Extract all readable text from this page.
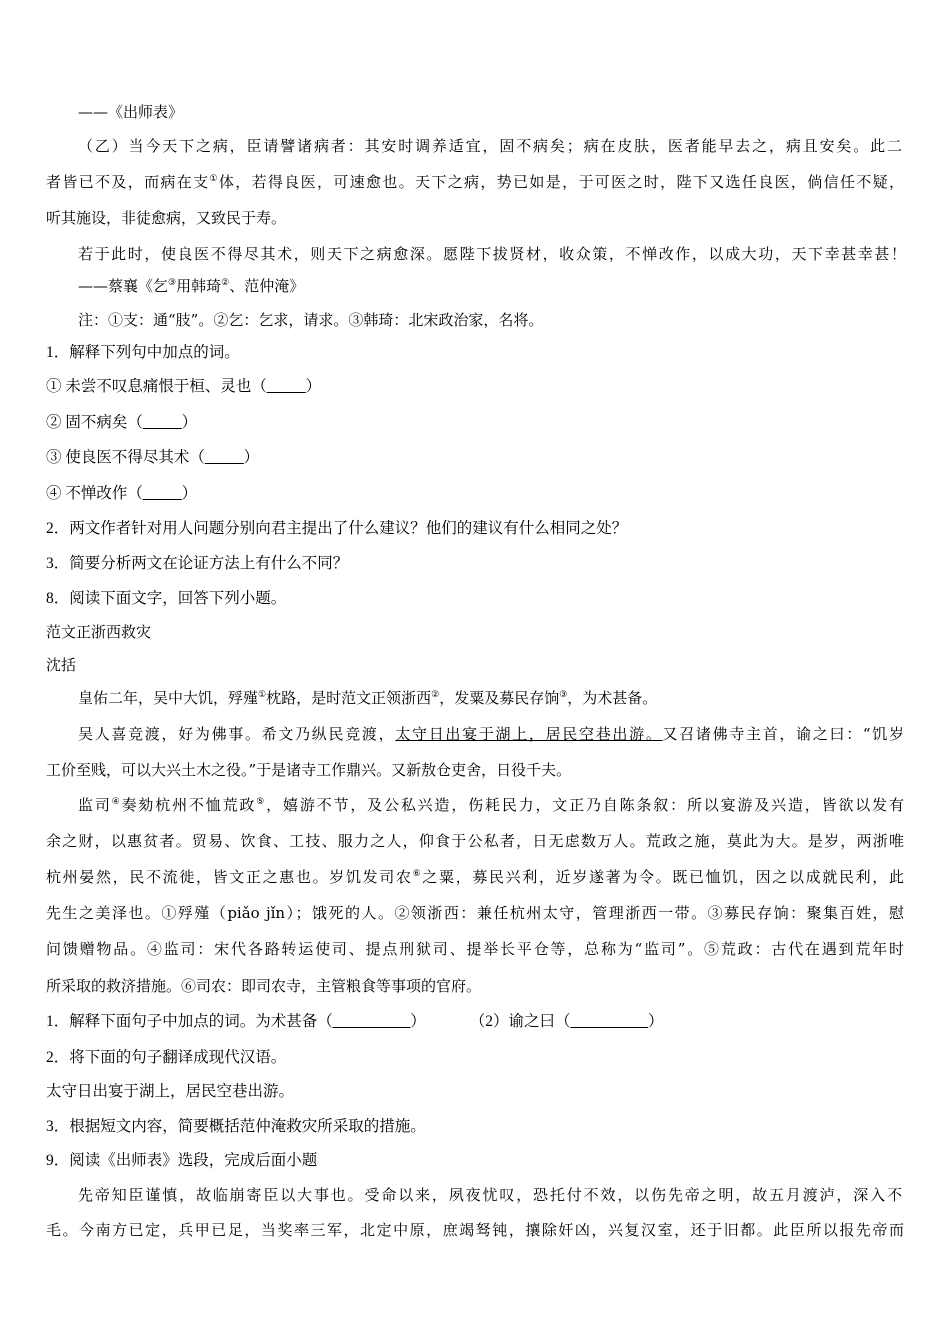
——《出师表》
（乙）当今天下之病，臣请譬诸病者：其安时调养适宜，固不病矣；病在皮肤，医者能早去之，病且安矣。此二
者皆已不及，而病在支①体，若得良医，可速愈也。天下之病，势已如是，于可医之时，陛下又选任良医，倘信任不疑，
听其施设，非徒愈病，又致民于寿。
若于此时，使良医不得尽其术，则天下之病愈深。愿陛下拔贤材，收众策，不惮改作，以成大功，天下幸甚幸甚！
——蔡襄《乞③用韩琦②、范仲淹》
注：①支：通“肢”。②乞：乞求，请求。③韩琦：北宋政治家，名将。
1．解释下列句中加点的词。
① 未尝不叹息痛恨于桓、灵也（_____）
② 固不病矣（_____）
③ 使良医不得尽其术（_____）
④ 不惮改作（_____）
2．两文作者针对用人问题分别向君主提出了什么建议？他们的建议有什么相同之处？
3．简要分析两文在论证方法上有什么不同？
8．阅读下面文字，回答下列小题。
范文正浙西救灾
沈括
皇佑二年，吴中大饥，殍殣①枕路，是时范文正领浙西②，发粟及募民存饷③，为术甚备。
吴人喜竞渡，好为佛事。希文乃纵民竞渡，太守日出宴于湖上，居民空巷出游。又召诸佛寺主首，谕之曰：“饥岁
工价至贱，可以大兴土木之役。”于是诸寺工作鼎兴。又新敖仓吏舍，日役千夫。
监司④奏劾杭州不恤荒政⑤，嬉游不节，及公私兴造，伤耗民力，文正乃自陈条叙：所以宴游及兴造，皆欲以发有
余之财，以惠贫者。贸易、饮食、工技、服力之人，仰食于公私者，日无虑数万人。荒政之施，莫此为大。是岁，两浙唯
杭州晏然，民不流徙，皆文正之惠也。岁饥发司农⑥之粟，募民兴利，近岁遂著为令。既已恤饥，因之以成就民利，此
先生之美泽也。①殍殣（piǎo jǐn）；饿死的人。②领浙西：兼任杭州太守，管理浙西一带。③募民存饷：聚集百姓，慰
问馈赠物品。④监司：宋代各路转运使司、提点刑狱司、提举长平仓等，总称为“监司”。⑤荒政：古代在遇到荒年时
所采取的救济措施。⑥司农：即司农寺，主管粮食等事项的官府。
1．解释下面句子中加点的词。为术甚备（__________）	（2）谕之曰（__________）
2．将下面的句子翻译成现代汉语。
太守日出宴于湖上，居民空巷出游。
3．根据短文内容，简要概括范仲淹救灾所采取的措施。
9．阅读《出师表》选段，完成后面小题
先帝知臣谨慎，故临崩寄臣以大事也。受命以来，夙夜忧叹，恐托付不效，以伤先帝之明，故五月渡泸，深入不
毛。今南方已定，兵甲已足，当奖率三军，北定中原，庶竭驽钝，攘除奸凶，兴复汉室，还于旧都。此臣所以报先帝而
